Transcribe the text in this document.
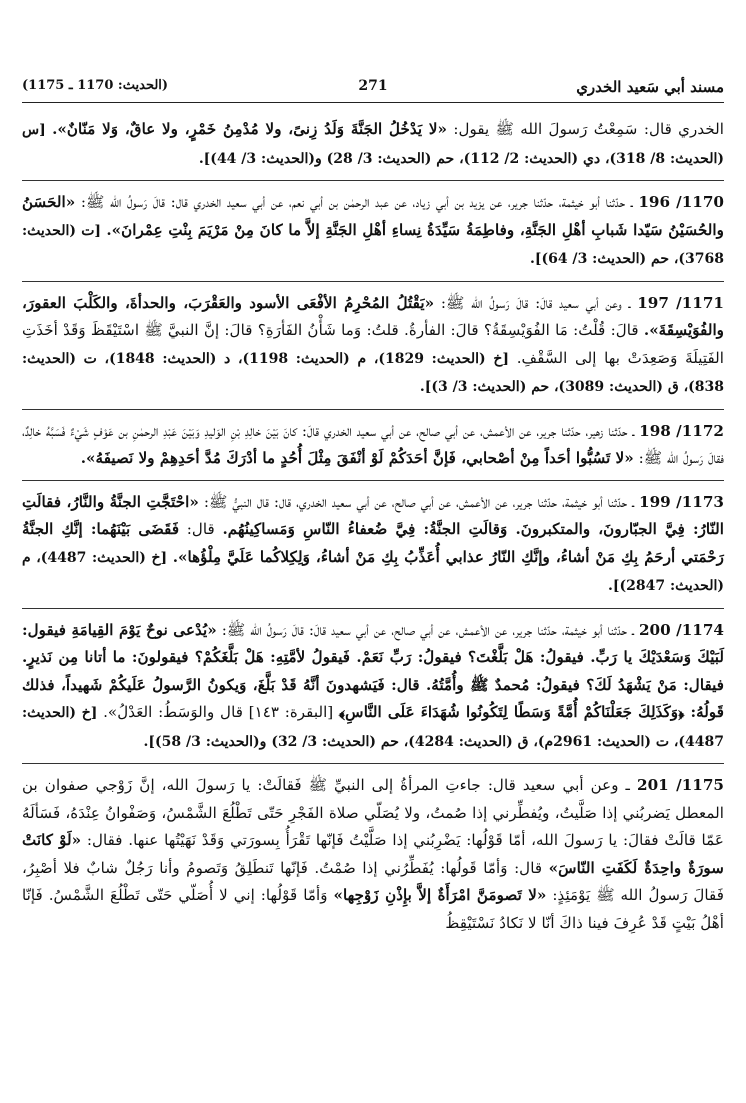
مسند أبي سَعيد الخدري
271
(الحديث: 1170 ـ 1175)

الخدري قال: سَمِعْتُ رَسولَ الله ﷺ يقول: «لا يَدْخُلُ الجَنَّةَ وَلَدُ زِنىً، ولا مُدْمِنُ خَمْرٍ، ولا عاقٌ، وَلا مَنّانٌ». [س (الحديث: 8/ 318)، دي (الحديث: 2/ 112)، حم (الحديث: 3/ 28) و(الحديث: 3/ 44)].

1170/ 196 ـ حدّثنا أبو خيثمة، حدّثنا جرير، عن يزيد بن أبي زياد، عن عبد الرحمٰن بن أبي نعم، عن أبي سعيد الخدري قال: قالَ رَسولُ الله ﷺ: «الحَسَنُ والحُسَيْنُ سَيّدا شَبابِ أهْلِ الجَنَّةِ، وفاطِمَةُ سَيِّدَةُ نِساءِ أهْلِ الجَنَّةِ إلاَّ ما كانَ مِنْ مَرْيَمَ بِنْتِ عِمْرانَ». [ت (الحديث: 3768)، حم (الحديث: 3/ 64)].

1171/ 197 ـ وعن أبي سعيد قالَ: قالَ رَسولُ الله ﷺ: «يَقْتُلُ المُحْرِمُ الأفْعَى الأسود والعَقْرَبَ، والحدأةَ، والكَلْبَ العقورَ، والفُوَيْسِقَةَ». قالَ: قُلْتُ: مَا الفُوَيْسِقَةُ؟ قالَ: الفأرةُ. قلتُ: وَما شَأْنُ الفَأرَةِ؟ قالَ: إنَّ النبيَّ ﷺ اسْتَيْقَظَ وَقَدْ أخَذَتِ الفَتِيلَةَ وَصَعِدَتْ بها إلى السَّقْفِ. [خ (الحديث: 1829)، م (الحديث: 1198)، د (الحديث: 1848)، ت (الحديث: 838)، ق (الحديث: 3089)، حم (الحديث: 3/ 3)].

1172/ 198 ـ حدّثنا زهير، حدّثنا جرير، عن الأعمش، عن أبي صالح، عن أبي سعيد الخدري قالَ: كانَ بَيْنَ خالِدِ بْنِ الوَليدِ وَبَيْنَ عَبْدِ الرحمٰنِ بن عَوْفٍ شَيْءٌ فَسَبَّهُ خالِدٌ، فقالَ رَسولُ الله ﷺ: «لا تَسُبُّوا أحَداً مِنْ أصْحابي، فَإنَّ أحَدَكُمْ لَوْ أنْفَقَ مِثْلَ أُحُدٍ ما أدْرَكَ مُدَّ أحَدِهِمْ ولا نَصيفَهُ».

1173/ 199 ـ حدّثنا أبو خيثمة، حدّثنا جرير، عن الأعمش، عن أبي صالح، عن أبي سعيد الخدري، قال: قال النبيُّ ﷺ: «احْتَجَّتِ الجنَّةُ والنَّارُ، فقالَتِ النّارُ: فِيَّ الجبّارونَ، والمتكبرونَ. وَقالَتِ الجنَّةُ: فِيَّ ضُعفاءُ النّاسِ وَمَساكِينُهُم. قال: فَقَضَى بَيْنَهُما: إنَّكِ الجنَّةُ رَحْمَتي أرحَمُ بِكِ مَنْ أشاءُ، وإنَّكِ النّارُ عذابي أُعَذِّبُ بِكِ مَنْ أشاءُ، وَلِكِلاكُما عَلَيَّ مِلْؤُها». [خ (الحديث: 4487)، م (الحديث: 2847)].

1174/ 200 ـ حدّثنا أبو خيثمة، حدّثنا جرير، عن الأعمش، عن أبي صالح، عن أبي سعيد قالَ: قالَ رَسولُ الله ﷺ: «يُدْعى نوحٌ يَوْمَ القِيامَةِ فيقول: لَبَيْكَ وَسَعْدَيْكَ يا رَبِّ. فيقولُ: هَلْ بَلَّغْتَ؟ فيقولُ: رَبِّ نَعَمْ. فَيقولُ لأمَّتِهِ: هَلْ بَلَّغَكُمْ؟ فيقولونَ: ما أتانا مِن نَذيرٍ. فيقال: مَنْ يَشْهَدُ لَكَ؟ فيقولُ: مُحمدٌ ﷺ وأُمَّتُهُ. قال: فَيَشهدونَ أنَّهُ قَدْ بَلَّغَ، وَيكونُ الرَّسولُ عَلَيكُمْ شَهيداً، فذلك قَولُهُ: ﴿وَكَذَلِكَ جَعَلْنَاكُمْ أُمَّةً وَسَطًا لِتَكُونُوا شُهَدَاءَ عَلَى النَّاسِ﴾ [البقرة: ١٤٣] قال والوَسَطُ: العَدْلُ». [خ (الحديث: 4487)، ت (الحديث: 2961م)، ق (الحديث: 4284)، حم (الحديث: 3/ 32) و(الحديث: 3/ 58)].

1175/ 201 ـ وعن أبي سعيد قال: جاءتِ المرأةُ إلى النبيِّ ﷺ فَقالَتْ: يا رَسولَ الله، إنَّ زَوْجي صفوان بن المعطل يَضربُني إذا صَلَّيتُ، ويُفطِّرني إذا صُمتُ، ولا يُصَلّي صلاة الفَجْرِ حَتّى تَطْلُعَ الشَّمْسُ، وَصَفْوانُ عِنْدَهُ، فَسَألَهُ عَمّا قالَتْ فقالَ: يا رَسولَ الله، أمّا قَوْلُها: يَضْرِبُني إذا صَلَّيْتُ فَإنّها تَقْرَأُ بِسورَتي وَقَدْ نَهَيْتُها عنها. فقال: «لَوْ كانَتْ سورَةٌ واحِدَةٌ لَكَفَتِ النّاسَ» قال: وَأمّا قَولُها: يُفَطِّرُني إذا صُمْتُ. فَإنّها تَنطَلِقُ وَتَصومُ وأنا رَجُلٌ شابٌ فلا أصْبِرُ، فَقالَ رَسولُ الله ﷺ يَوْمَئِذٍ: «لا تَصومَنَّ امْرَأَةٌ إلاَّ بإِذْنِ زَوْجِها» وَأمّا قَوْلُها: إني لا أُصَلّي حَتّى تَطْلُعَ الشَّمْسُ. فَإنّا أهْلُ بَيْتٍ قَدْ عُرِفَ فينا ذاكَ أنّا لا نَكادُ نَسْتَيْقِظُ
